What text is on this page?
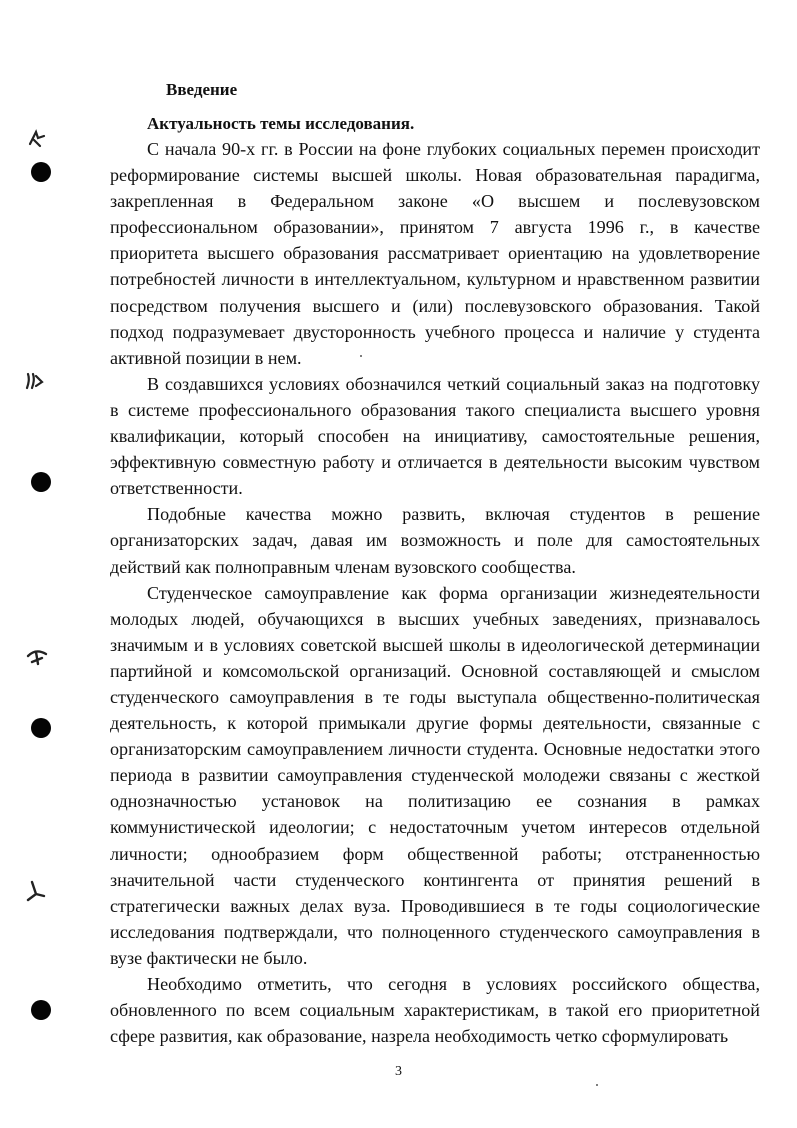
Введение
Актуальность темы исследования.

С начала 90-х гг. в России на фоне глубоких социальных перемен происходит реформирование системы высшей школы. Новая образовательная парадигма, закрепленная в Федеральном законе «О высшем и послевузовском профессиональном образовании», принятом 7 августа 1996 г., в качестве приоритета высшего образования рассматривает ориентацию на удовлетворение потребностей личности в интеллектуальном, культурном и нравственном развитии посредством получения высшего и (или) послевузовского образования. Такой подход подразумевает двусторонность учебного процесса и наличие у студента активной позиции в нем.

В создавшихся условиях обозначился четкий социальный заказ на подготовку в системе профессионального образования такого специалиста высшего уровня квалификации, который способен на инициативу, самостоятельные решения, эффективную совместную работу и отличается в деятельности высоким чувством ответственности.

Подобные качества можно развить, включая студентов в решение организаторских задач, давая им возможность и поле для самостоятельных действий как полноправным членам вузовского сообщества.

Студенческое самоуправление как форма организации жизнедеятельности молодых людей, обучающихся в высших учебных заведениях, признавалось значимым и в условиях советской высшей школы в идеологической детерминации партийной и комсомольской организаций. Основной составляющей и смыслом студенческого самоуправления в те годы выступала общественно-политическая деятельность, к которой примыкали другие формы деятельности, связанные с организаторским самоуправлением личности студента. Основные недостатки этого периода в развитии самоуправления студенческой молодежи связаны с жесткой однозначностью установок на политизацию ее сознания в рамках коммунистической идеологии; с недостаточным учетом интересов отдельной личности; однообразием форм общественной работы; отстраненностью значительной части студенческого контингента от принятия решений в стратегически важных делах вуза. Проводившиеся в те годы социологические исследования подтверждали, что полноценного студенческого самоуправления в вузе фактически не было.

Необходимо отметить, что сегодня в условиях российского общества, обновленного по всем социальным характеристикам, в такой его приоритетной сфере развития, как образование, назрела необходимость четко сформулировать

3
